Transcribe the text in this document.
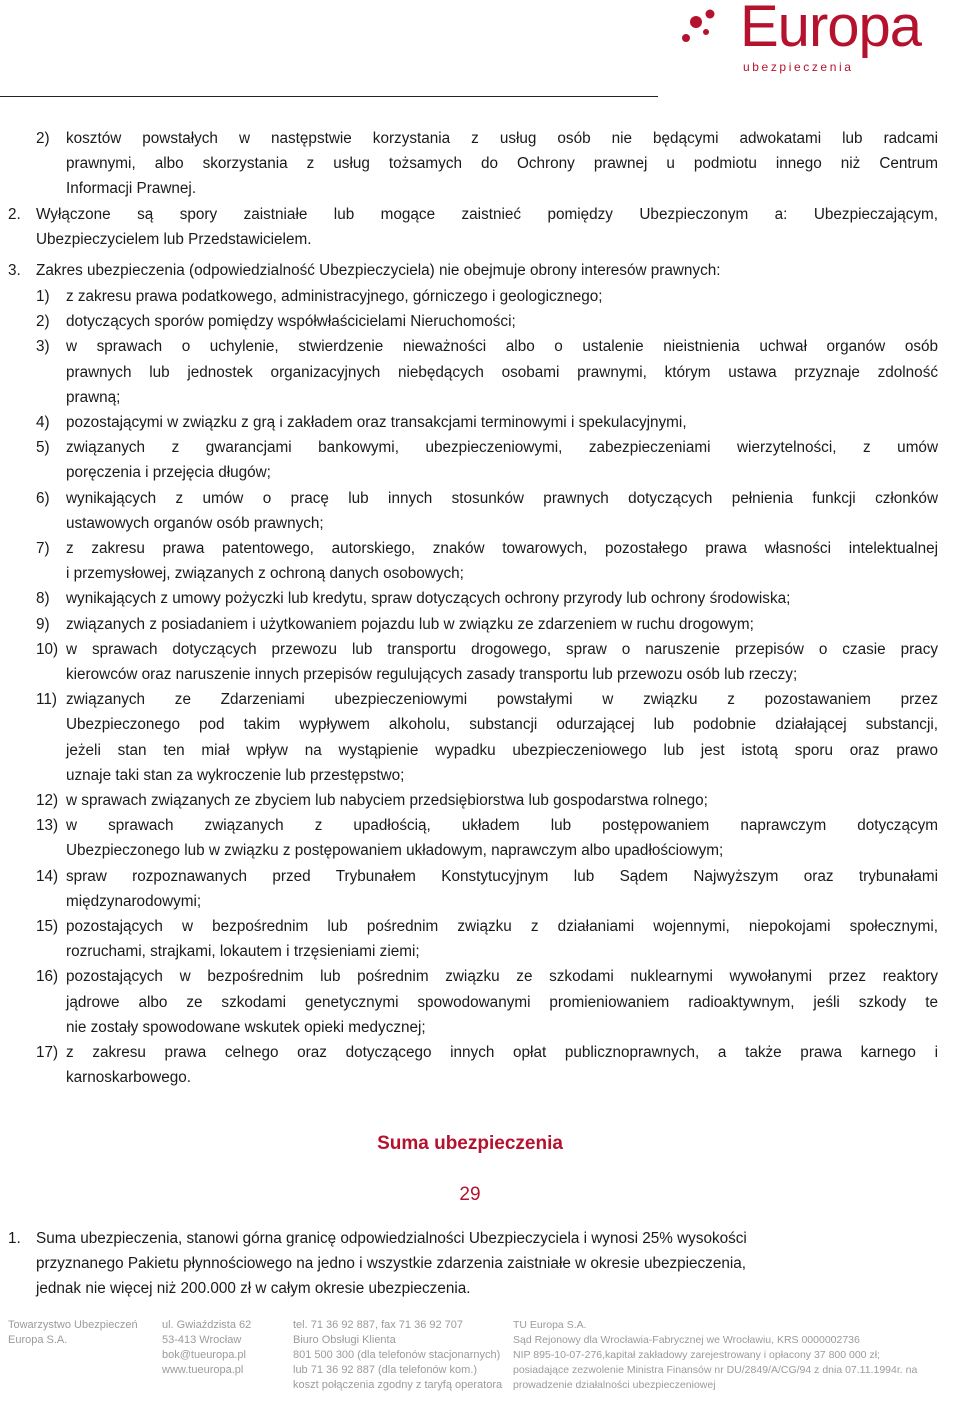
Europa
ubezpieczenia
2) kosztów powstałych w następstwie korzystania z usług osób nie będącymi adwokatami lub radcami
prawnymi, albo skorzystania z usług tożsamych do Ochrony prawnej u podmiotu innego niż Centrum
Informacji Prawnej.
2. Wyłączone są spory zaistniałe lub mogące zaistnieć pomiędzy Ubezpieczonym a: Ubezpieczającym,
Ubezpieczycielem lub Przedstawicielem.
3. Zakres ubezpieczenia (odpowiedzialność Ubezpieczyciela) nie obejmuje obrony interesów prawnych:
1) z zakresu prawa podatkowego, administracyjnego, górniczego i geologicznego;
2) dotyczących sporów pomiędzy współwłaścicielami Nieruchomości;
3) w sprawach o uchylenie, stwierdzenie nieważności albo o ustalenie nieistnienia uchwał organów osób
prawnych lub jednostek organizacyjnych niebędących osobami prawnymi, którym ustawa przyznaje zdolność
prawną;
4) pozostającymi w związku z grą i zakładem oraz transakcjami terminowymi i spekulacyjnymi,
5) związanych z gwarancjami bankowymi, ubezpieczeniowymi, zabezpieczeniami wierzytelności, z umów
poręczenia i przejęcia długów;
6) wynikających z umów o pracę lub innych stosunków prawnych dotyczących pełnienia funkcji członków
ustawowych organów osób prawnych;
7) z zakresu prawa patentowego, autorskiego, znaków towarowych, pozostałego prawa własności intelektualnej
i przemysłowej, związanych z ochroną danych osobowych;
8) wynikających z umowy pożyczki lub kredytu, spraw dotyczących ochrony przyrody lub ochrony środowiska;
9) związanych z posiadaniem i użytkowaniem pojazdu lub w związku ze zdarzeniem w ruchu drogowym;
10) w sprawach dotyczących przewozu lub transportu drogowego, spraw o naruszenie przepisów o czasie pracy
kierowców oraz naruszenie innych przepisów regulujących zasady transportu lub przewozu osób lub rzeczy;
11) związanych ze Zdarzeniami ubezpieczeniowymi powstałymi w związku z pozostawaniem przez
Ubezpieczonego pod takim wypływem alkoholu, substancji odurzającej lub podobnie działającej substancji,
jeżeli stan ten miał wpływ na wystąpienie wypadku ubezpieczeniowego lub jest istotą sporu oraz prawo
uznaje taki stan za wykroczenie lub przestępstwo;
12) w sprawach związanych ze zbyciem lub nabyciem przedsiębiorstwa lub gospodarstwa rolnego;
13) w sprawach związanych z upadłością, układem lub postępowaniem naprawczym dotyczącym
Ubezpieczonego lub w związku z postępowaniem układowym, naprawczym albo upadłościowym;
14) spraw rozpoznawanych przed Trybunałem Konstytucyjnym lub Sądem Najwyższym oraz trybunałami
międzynarodowymi;
15) pozostających w bezpośrednim lub pośrednim związku z działaniami wojennymi, niepokojami społecznymi,
rozruchami, strajkami, lokautem i trzęsieniami ziemi;
16) pozostających w bezpośrednim lub pośrednim związku ze szkodami nuklearnymi wywołanymi przez reaktory
jądrowe albo ze szkodami genetycznymi spowodowanymi promieniowaniem radioaktywnym, jeśli szkody te
nie zostały spowodowane wskutek opieki medycznej;
17) z zakresu prawa celnego oraz dotyczącego innych opłat publicznoprawnych, a także prawa karnego i
karnoskarbowego.
Suma ubezpieczenia
29
1. Suma ubezpieczenia, stanowi górna granicę odpowiedzialności Ubezpieczyciela i wynosi 25% wysokości
przyznanego Pakietu płynnościowego na jedno i wszystkie zdarzenia zaistniałe w okresie ubezpieczenia,
jednak nie więcej niż 200.000 zł w całym okresie ubezpieczenia.
Towarzystwo Ubezpieczeń
Europa S.A.
ul. Gwiaździsta 62
53-413 Wrocław
bok@tueuropa.pl
www.tueuropa.pl
tel. 71 36 92 887, fax 71 36 92 707
Biuro Obsługi Klienta
801 500 300 (dla telefonów stacjonarnych)
lub 71 36 92 887 (dla telefonów kom.)
koszt połączenia zgodny z taryfą operatora
TU Europa S.A.
Sąd Rejonowy dla Wrocławia-Fabrycznej we Wrocławiu, KRS 0000002736
NIP 895-10-07-276,kapitał zakładowy zarejestrowany i opłacony 37 800 000 zł;
posiadające zezwolenie Ministra Finansów nr DU/2849/A/CG/94 z dnia 07.11.1994r. na
prowadzenie działalności ubezpieczeniowej
